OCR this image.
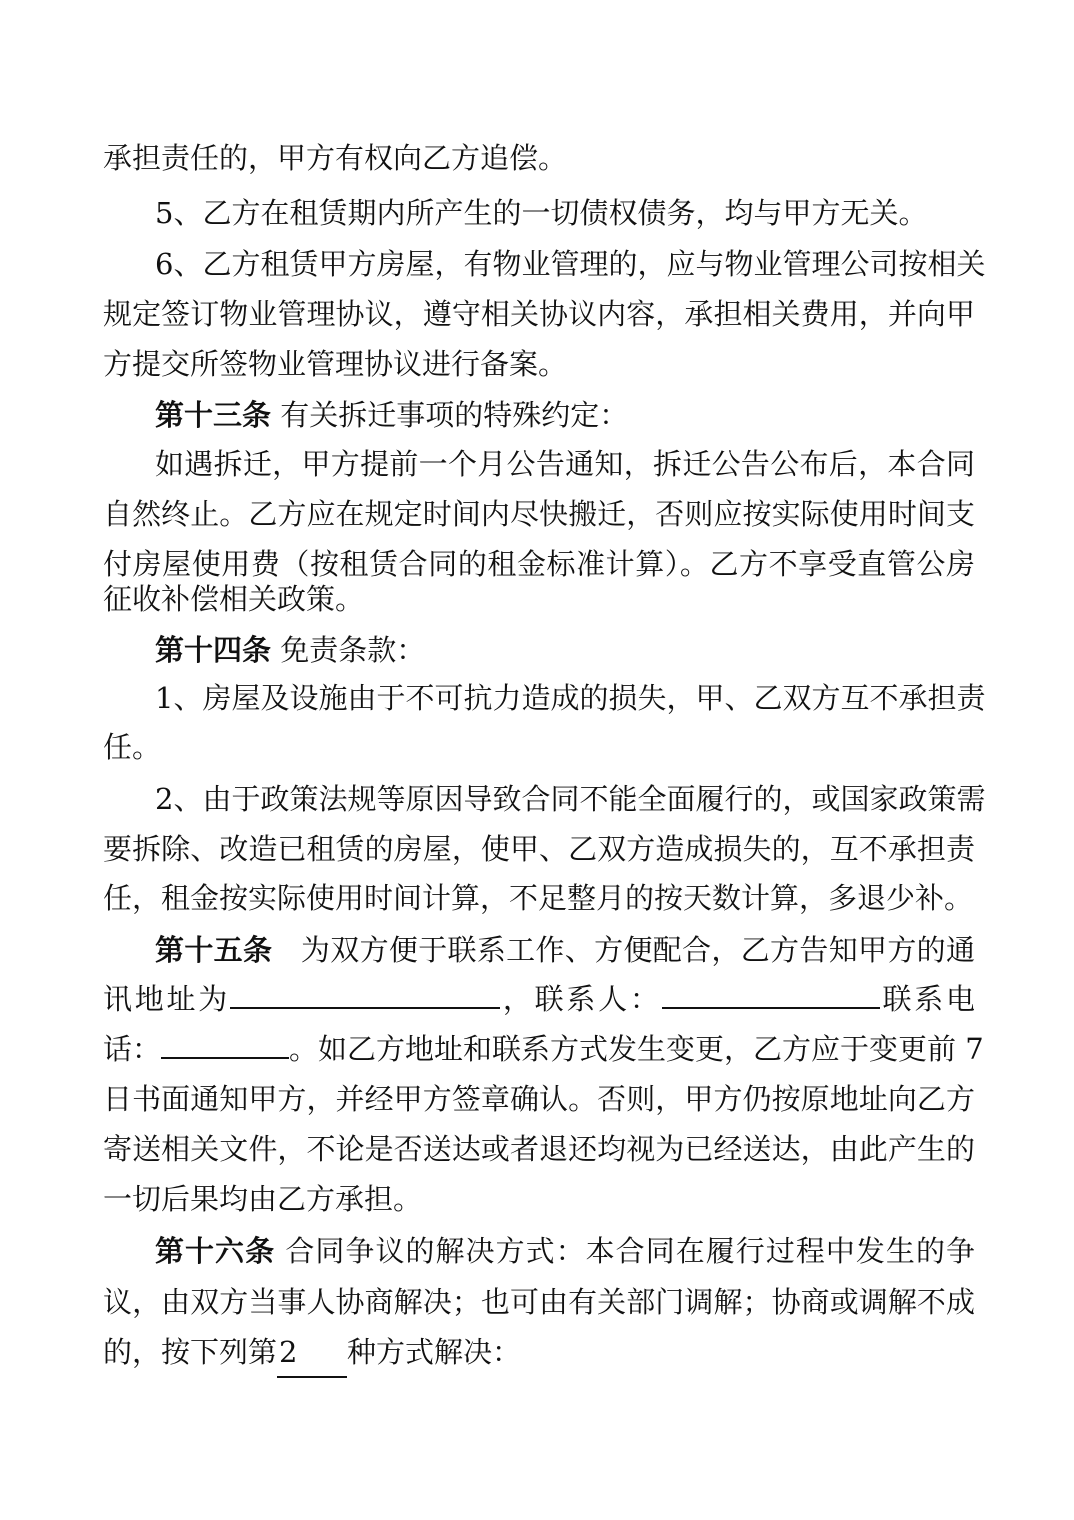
承担责任的，甲方有权向乙方追偿。
5、乙方在租赁期内所产生的一切债权债务，均与甲方无关。
6、乙方租赁甲方房屋，有物业管理的，应与物业管理公司按相关
规定签订物业管理协议，遵守相关协议内容，承担相关费用，并向甲
方提交所签物业管理协议进行备案。
第十三条 有关拆迁事项的特殊约定：
如遇拆迁，甲方提前一个月公告通知，拆迁公告公布后，本合同
自然终止。乙方应在规定时间内尽快搬迁，否则应按实际使用时间支
付房屋使用费（按租赁合同的租金标准计算）。乙方不享受直管公房
征收补偿相关政策。
第十四条 免责条款：
1、房屋及设施由于不可抗力造成的损失，甲、乙双方互不承担责
任。
2、由于政策法规等原因导致合同不能全面履行的，或国家政策需
要拆除、改造已租赁的房屋，使甲、乙双方造成损失的，互不承担责
任，租金按实际使用时间计算，不足整月的按天数计算，多退少补。
第十五条 为双方便于联系工作、方便配合，乙方告知甲方的通
讯地址为	，联系人：	联系电
话：	。如乙方地址和联系方式发生变更，乙方应于变更前 7
日书面通知甲方，并经甲方签章确认。否则，甲方仍按原地址向乙方
寄送相关文件，不论是否送达或者退还均视为已经送达，由此产生的
一切后果均由乙方承担。
第十六条 合同争议的解决方式：本合同在履行过程中发生的争
议，由双方当事人协商解决；也可由有关部门调解；协商或调解不成
的，按下列第2 种方式解决：
